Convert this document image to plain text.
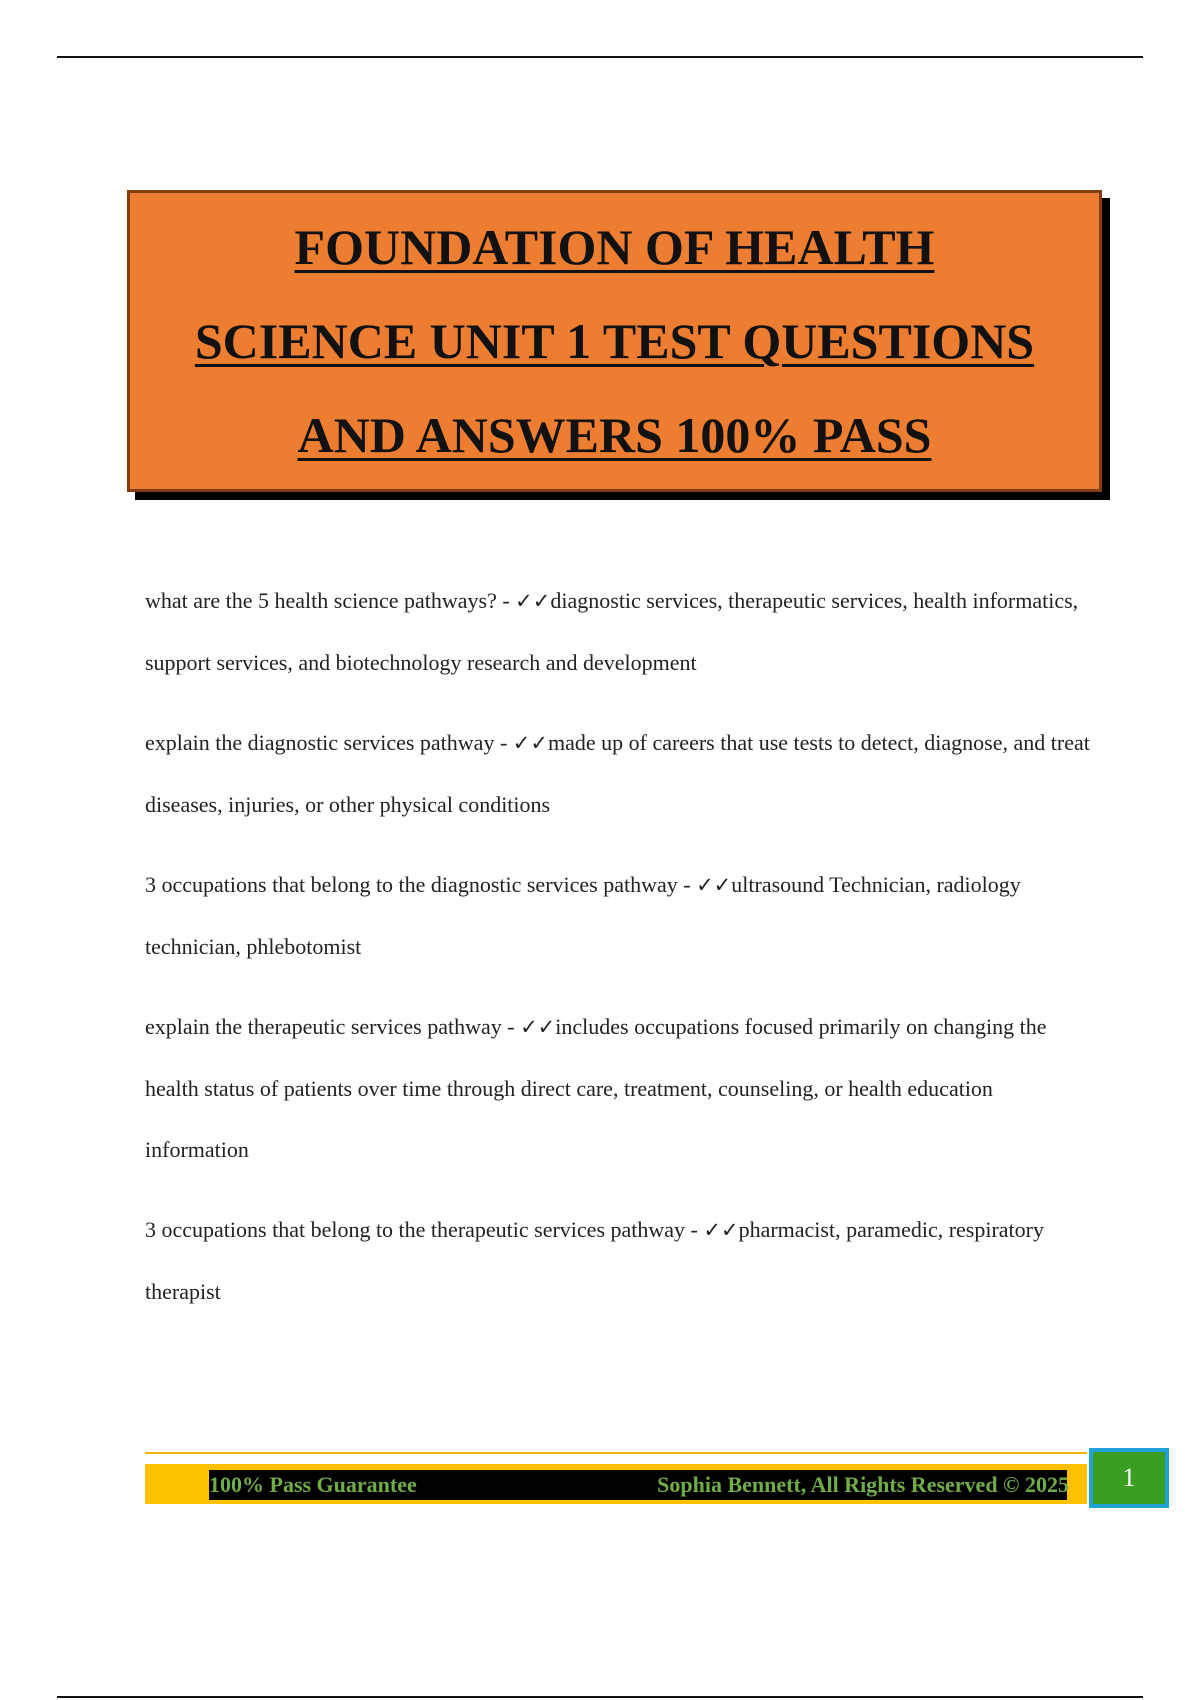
FOUNDATION OF HEALTH
SCIENCE UNIT 1 TEST QUESTIONS
AND ANSWERS 100% PASS

what are the 5 health science pathways? - ✓✓diagnostic services, therapeutic services, health informatics, support services, and biotechnology research and development

explain the diagnostic services pathway - ✓✓made up of careers that use tests to detect, diagnose, and treat diseases, injuries, or other physical conditions

3 occupations that belong to the diagnostic services pathway - ✓✓ultrasound Technician, radiology technician, phlebotomist

explain the therapeutic services pathway - ✓✓includes occupations focused primarily on changing the health status of patients over time through direct care, treatment, counseling, or health education information

3 occupations that belong to the therapeutic services pathway - ✓✓pharmacist, paramedic, respiratory therapist

100% Pass Guarantee	Sophia Bennett, All Rights Reserved © 2025 1
